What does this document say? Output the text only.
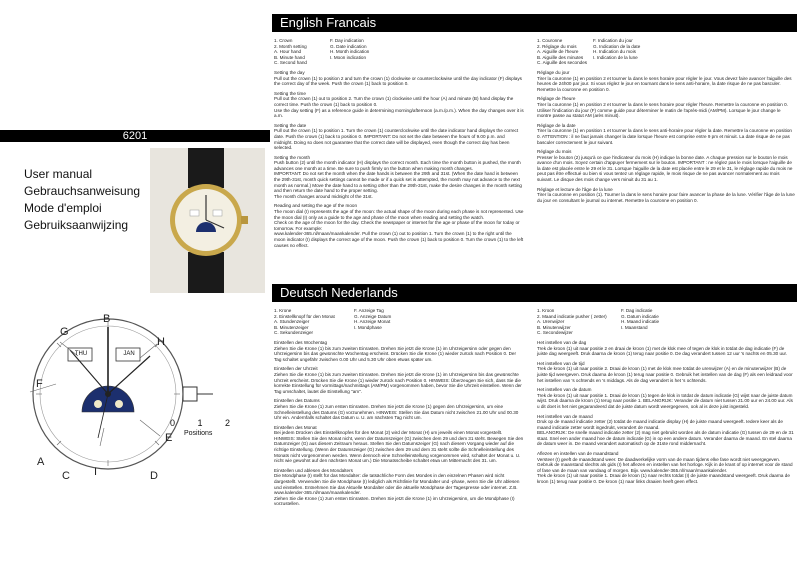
6201
User manual
Gebrauchsanweisung
Mode d'emploi
Gebruiksaanwijzing
G
B
H
F
A
E
C I	D
THU	JAN
0 1 2
Positions
English Francais
1. Crown
2. Month setting
A. Hour hand
B. Minute hand
C. Second hand
F. Day indication
G. Date indication
H. Month indication
I. Moon indication

Setting the day
Pull out the crown (1) to position 2 and turn the crown (1) clockwise or counterclockwise until the day indicator (F) displays the correct day of the week. Push the crown (1) back to position 0.

Setting the time
Pull out the crown (1) out to position 2. Turn the crown (1) clockwise until the hour (A) and minute (B) hand display the correct time. Push the crown (1) back to position 0.
Use the day setting (F) as a reference guide in determining morning/afternoon (a.m./p.m.). When the day changes over it is a.m.

Setting the date
Pull out the crown (1) to position 1. Turn the crown (1) counterclockwise until the date indicator hand displays the correct date. Push the crown (1) back to position 0. IMPORTANT: Do not set the date between the hours of 9.00 p.m. and midnight. Doing so does not guarantee that the correct date will be displayed, even though the correct day has been selected.

Setting the month
Push button (2) until the month indicator (H) displays the correct month. Each time the month button is pushed, the month advances one month at a time. Be sure to push firmly on the button when making month changes.
IMPORTANT: Do not set the month when the date hands is between the 29th and 31st. (When the date hand is between the 29th-31st, month quick settings cannot be made or if a quick set is attempted, the month may not advance to the next month as normal.) Move the date hand to a setting other than the 29th-31st, make the desire changes in the month setting and then return the date hand to the proper setting.
The month changes around midnight of the 31st.

Reading and setting the age of the moon
The moon dial (I) represents the age of the moon: the actual shape of the moon during each phase is not represented. Use the moon dial (I) only as a guide to the age and phase of the moon when reading and setting the watch.
Check on the age of the moon for the day. Check the newspaper or internet for the age or phase of the moon for today or tomorrow. For example:
www.kalender-365.nl/maan/maankalender. Pull the crown (1) out to position 1. Turn the crown (1) to the right until the moon indicator (I) displays the correct age of the moon. Push the crown (1) back to position 0. Turn the crown (1) to the left causes no effect.

1. Couronne
2. Réglage du mois
A. Aiguille de l'heure
B. Aiguille des minutes
C. Aiguille des secondes
F. Indication du jour
G. Indication de la date
H. Indication du mois
I. Indication de la lune

Réglage du jour
Tirer la couronne (1) en position 2 et tourner la dans le sens horaire pour régler le jour. Vous devez faire avancer l'aiguille des heures de 24h00 par jour. Si vous réglez le jour en tournant dans le sens anti-horaire, la date risque de ne pas basculer. Remettre la couronne en position 0.

Réglage de l'heure
Tirer la couronne (1) en position 2 et tourner la dans le sens horaire pour régler l'heure. Remettre la couronne en position 0. Utiliser l'indication du jour (F) comme guide pour déterminer le matin de l'après-midi (AM/PM). Lorsque le jour change le montre passe au statut AM (arès minuit).

Réglage de la date
Tirer la couronne (1) en position 1 et tourner la dans le sens anti-horaire pour régler la date. Remettre la couronne en position 0. ATTENTION : il ne faut jamais changer la date lorsque l'heure est comprise entre 9 pm et minuit. La date risque de ne pas basculer correctement le jour suivant.

Réglage du mois
Presser le bouton (2) jusqu'à ce que l'indicateur du mois (H) indique la bonne date. A chaque pression sur le bouton le mois avance d'un mois. Soyez certain d'appuyer fermement sur le bouton. IMPORTANT : ne réglez pas le mois lorsque l'aiguille de la date est placée entre le 29 et le 31. Lorsque l'aiguille de la date est placée entre le 29 et le 31, le réglage rapide du mois ne peut pas être effectué ou bien si vous tentez un réglage rapide, le mois risque de ne pas avancer normalement au mois suivant. Le disque des mois change vers minuit du 31 au 1.

Réglage et lecture de l'âge de la lune
Tirer la couronne en position (1). Tourner la dans le sens horaire pour faire avancer la phase de la lune. Vérifier l'âge de la lune du jour en consultant le journal ou internet. Remettre la couronne en position 0.

Deutsch Nederlands
1. Krone
2. Einstellknopf für den Monat
A. Stundenzeiger
B. Minutenzeiger
C. Sekundenzeiger
F. Anzeige Tag
G. Anzeige Datum
H. Anzeige Monat
I. Mondphase

Einstellen des Wochentag
Ziehen Sie die Krone (1) bis zum zweiten Einrasten. Drehen Sie jetzt die Krone (1) im Uhrzeigersinn oder gegen den Uhrzeigersinn bis das gewünschte Wochentag erscheint. Drücken Sie die Krone (1) wieder zurück nach Position 0. Der Tag schaltet ungefähr zwischen 0.00 Uhr und 5.30 Uhr oben etwas später um.

Einstellen der Uhrzeit
Ziehen Sie die Krone (1) bis zum zweiten Einrasten. Drehen Sie jetzt die Krone (1) im Uhrzeigersinn bis das gewünschte Uhrzeit erscheint. Drücken Sie die Krone (1) wieder zurück nach Position 0. HINWEIS: Überzeugen Sie sich, dass Sie die korrekte Einstellung für vormittags/nachmittags (AM/PM) vorgenommen haben, bevor Sie die Uhrzeit einstellen. Wenn der Tag umschaltet, lautet die Einstellung "am".

Einstellen des Datums
Ziehen Sie die Krone (1) zum ersten Einrasten. Drehen Sie jetzt die Krone (1) gegen den Uhrzeigersinn, um eine Schnelleinstellung des Datums (G) vorzunehmen. HINWEIS: Stellen Sie das Datum nicht zwischen 21.00 Uhr und 00.30 Uhr ein. Andernfalls schaltet das Datum u. U. am nächsten Tag nicht um.

Einstellen des Monat
Bei jedem Drücken des Einstellknopfes für den Monat (2) wird der Monat (H) um jeweils einen Monat vorgestellt. HINWEIS: Stellen Sie den Monat nicht, wenn der Datumszeiger (G) zwischen dem 29 und dem 31 steht. Bewegen Sie den Datumzeiger (G) aus diesem Zeitraum heraus. Stellen Sie den Datumszeiger (G) nach diesem Vorgang wieder auf die richtige Einstellung. (Wenn der Datumszeiger (G) zwischen dem 29 und dem 31 steht sollte die Schnelleinstellung des Monats nicht vorgenommen werden. Wenn dennoch eine Schnelleinstellung vorgenommen wird, schaltet der Monat u. U. nicht wie gewohnt auf den nächsten Monat um.) Die Monatsscheibe schaltet etwa um Mitternacht des 31. um.

Einstellen und ablesen des Mondalters
Die Mondphase (I) stellt für das Mondalter: die tatsächliche Form des Mondes in den einzelnen Phasen wird nicht dargestellt. Verwenden Sie die Mondphase (I) lediglich als Richtlinie für Mondalter und -phase, wenn Sie die Uhr ablesen und einstellen. Entnehmen Sie das Aktuelle Mondalter oder die aktuelle Mondphase der Tagespresse oder internet. Z.B. www.kalender-365.nl/maan/maankalender.
Ziehen Sie die Krone (1) zum ersten Einrasten. Drehen Sie jetzt die Krone (1) im Uhrzeigersinn, um die Mondphase (I) vorzustellen.

1. Kroon
2. Maand indicatie pusher ( zetter)
A. Urenwijzer
B. Minutenwijzer
C. Secondewijzer
F. Dag indicatie
G. Datum indicatie
H. Maand indicatie
I. Maanstand

Het instellen van de dag
Trek de kroon (1) uit naar positie 2 en draai de kroon (1) met de klok mee of tegen de klok in totdat de dag indicatie (F) de juiste dag weergeeft. Druk daarna de kroon (1) terug naar positie 0. De dag verandert tussen 12 uur 's nachts en 05.30 uur.

Het instellen van de tijd
Trek de kroon (1) uit naar positie 2. Draai de kroon (1) met de klok mee totdat de urenwijzer (A) en de minutenwijzer (B) de juiste tijd weergeven. Druk daarna de kroon (1) terug naar positie 0. Gebruik het instellen van de dag (F) als een leidraad voor het instellen van 's ochtends en 's middags. Als de dag verandert is het 's ochtends.

Het instellen van de datum
Trek de kroon (1) uit naar positie 1. Draai de kroon (1) tegen de klok in totdat de datum indicatie (G) wijst naar de juiste datum wijst. Druk daarna de kroon (1) terug naar positie 1. BELANGRIJK: Verander de datum niet tussen 21.00 uur en 24.00 uur. Als u dit doet is het niet gegarandeerd dat de juiste datum wordt weergegeven, ook al is deze juist ingesteld.

Het instellen van de maand
Druk op de maand indicatie zetter (2) totdat de maand indicatie display (H) de juiste maand weergeeft. Iedere keer als de maand indicatie zetter wordt ingedrukt, verandert de maand.
BELANGRIJK: De snelle maand indicatie zetter (2) mag niet gebruikt worden als de datum indicatie (G) tussen de 29 en de 31 staat. Snel een ander maand hoe de datum indicatie (G) in op een andere datum. Verander daarna de maand. En stel daarna de datum weer in. De maand verandert automatisch op de 31ste rond middernacht.

Aflezen en instellen van de maandstand
Versteer (I) geeft de maandstand weer. De daadwerkelijke vorm van de maan tijdens elke fase wordt niet weergegeven. Gebruik de maanstand slechts als gids (I) het aflezen en instellen van het horloge. Kijk in de krant of op internet voor de stand of fase van de maan van vandaag of morgen. Bijv. www.kalender-365.nl/maan/maankalender.
Trek de kroon (1) uit naar positie 1. Draai de kroon (1) naar rechts totdat (I) de juiste maandstand weergeeft. Druk daarna de kroon (1) terug naar positie 0. De kroon (1) naar links draaien heeft geen effect.
